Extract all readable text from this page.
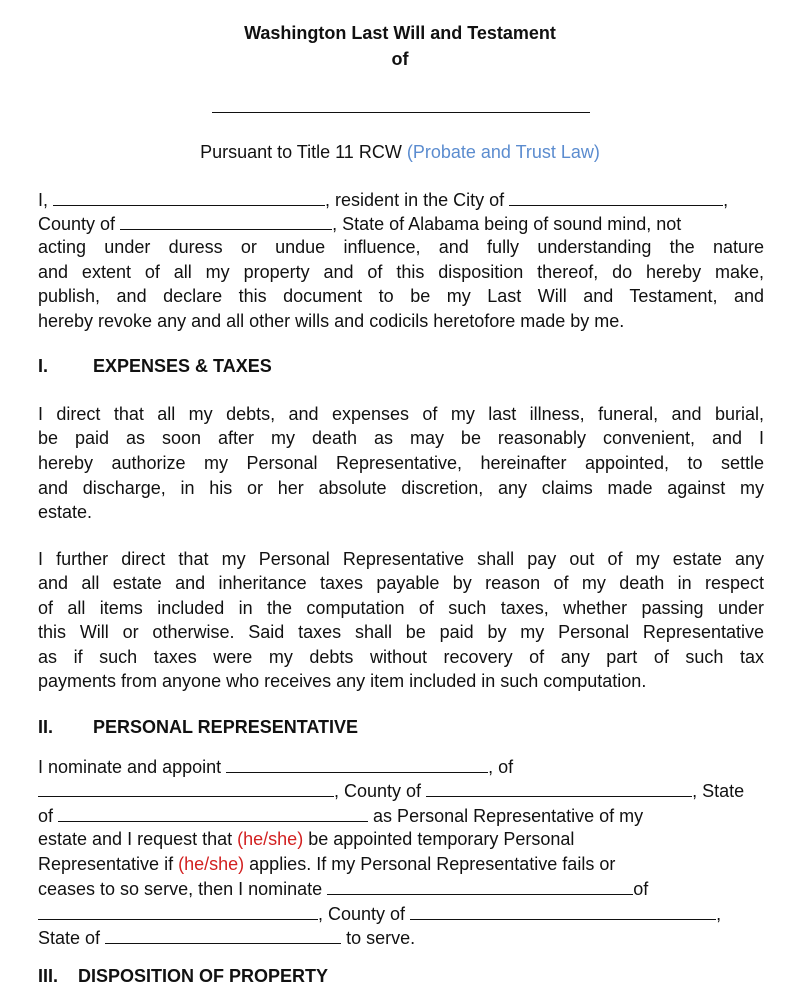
Washington Last Will and Testament
of
Pursuant to Title 11 RCW (Probate and Trust Law)
I,	, resident in the City of	,
County of	, State of Alabama being of sound mind, not
acting under duress or undue influence, and fully understanding the nature
and extent of all my property and of this disposition thereof, do hereby make,
publish, and declare this document to be my Last Will and Testament, and
hereby revoke any and all other wills and codicils heretofore made by me.
I. EXPENSES & TAXES
I direct that all my debts, and expenses of my last illness, funeral, and burial,
be paid as soon after my death as may be reasonably convenient, and I
hereby authorize my Personal Representative, hereinafter appointed, to settle
and discharge, in his or her absolute discretion, any claims made against my
estate.
I further direct that my Personal Representative shall pay out of my estate any
and all estate and inheritance taxes payable by reason of my death in respect
of all items included in the computation of such taxes, whether passing under
this Will or otherwise. Said taxes shall be paid by my Personal Representative
as if such taxes were my debts without recovery of any part of such tax
payments from anyone who receives any item included in such computation.
II. PERSONAL REPRESENTATIVE
I nominate and appoint	, of
, County of	, State
of	as Personal Representative of my
estate and I request that (he/she) be appointed temporary Personal
Representative if (he/she) applies. If my Personal Representative fails or
ceases to so serve, then I nominate	of
, County of	,
State of	to serve.
III.    DISPOSITION OF PROPERTY
